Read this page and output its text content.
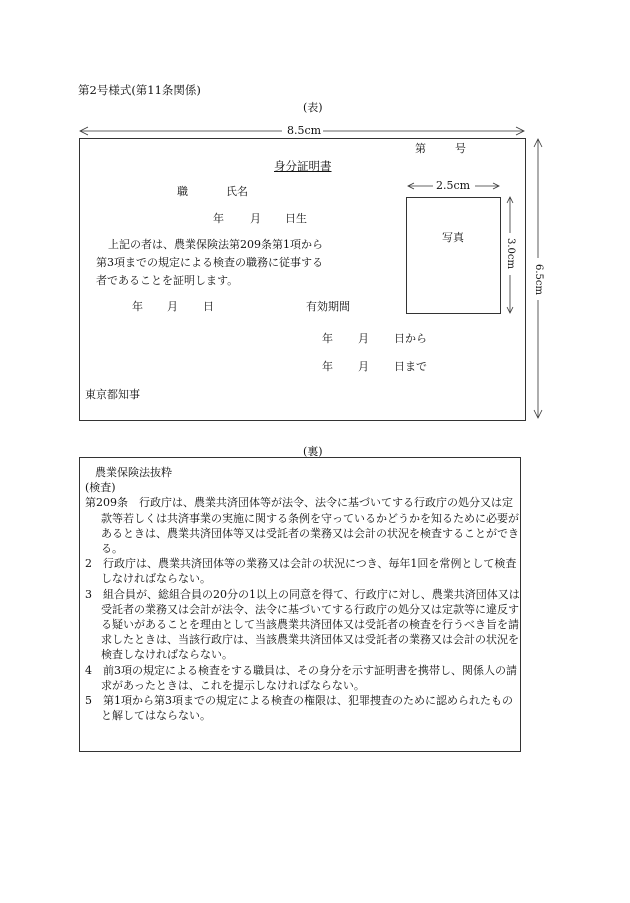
第2号様式(第11条関係)
(表)
8.5cm
6.5cm
2.5cm
3.0cm
第	号
身分証明書
職	氏名
年 月 日生
上記の者は、農業保険法第209条第1項から
第3項までの規定による検査の職務に従事する
者であることを証明します。
年 月 日	有効期間
年 月 日から
年 月 日まで
東京都知事
写真
(裏)
農業保険法抜粋
(検査)
第209条　行政庁は、農業共済団体等が法令、法令に基づいてする行政庁の処分又は定款等若しくは共済事業の実施に関する条例を守っているかどうかを知るために必要があるときは、農業共済団体等又は受託者の業務又は会計の状況を検査することができる。
2　行政庁は、農業共済団体等の業務又は会計の状況につき、毎年1回を常例として検査しなければならない。
3　組合員が、総組合員の20分の1以上の同意を得て、行政庁に対し、農業共済団体又は受託者の業務又は会計が法令、法令に基づいてする行政庁の処分又は定款等に違反する疑いがあることを理由として当該農業共済団体又は受託者の検査を行うべき旨を請求したときは、当該行政庁は、当該農業共済団体又は受託者の業務又は会計の状況を検査しなければならない。
4　前3項の規定による検査をする職員は、その身分を示す証明書を携帯し、関係人の請求があったときは、これを提示しなければならない。
5　第1項から第3項までの規定による検査の権限は、犯罪捜査のために認められたものと解してはならない。
